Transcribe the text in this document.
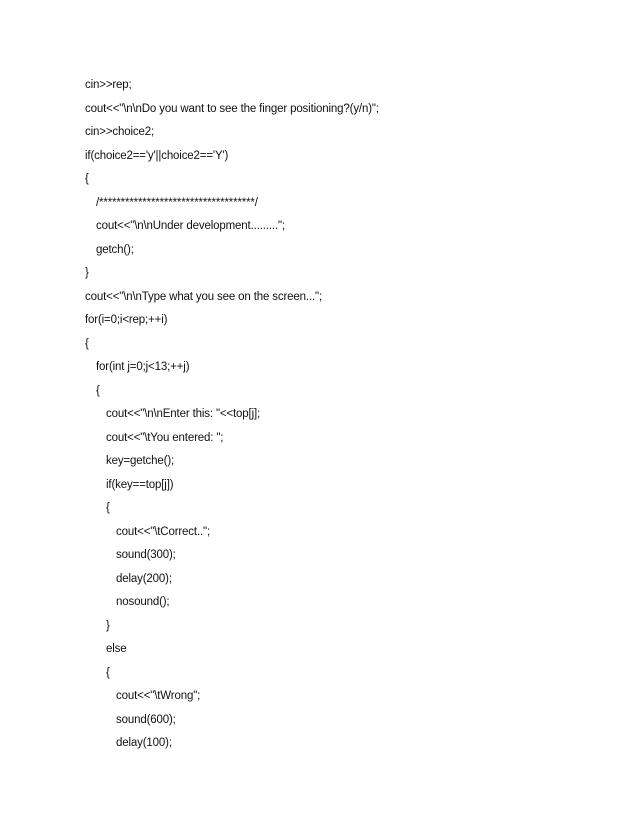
cin>>rep;
cout<<"\n\nDo you want to see the finger positioning?(y/n)";
cin>>choice2;
if(choice2=='y'||choice2=='Y')
{
/************************************/
cout<<"\n\nUnder development.........";
getch();
}
cout<<"\n\nType what you see on the screen...";
for(i=0;i<rep;++i)
{
for(int j=0;j<13;++j)
{
cout<<"\n\nEnter this: "<<top[j];
cout<<"\tYou entered: ";
key=getche();
if(key==top[j])
{
cout<<"\tCorrect..";
sound(300);
delay(200);
nosound();
}
else
{
cout<<"\tWrong";
sound(600);
delay(100);
